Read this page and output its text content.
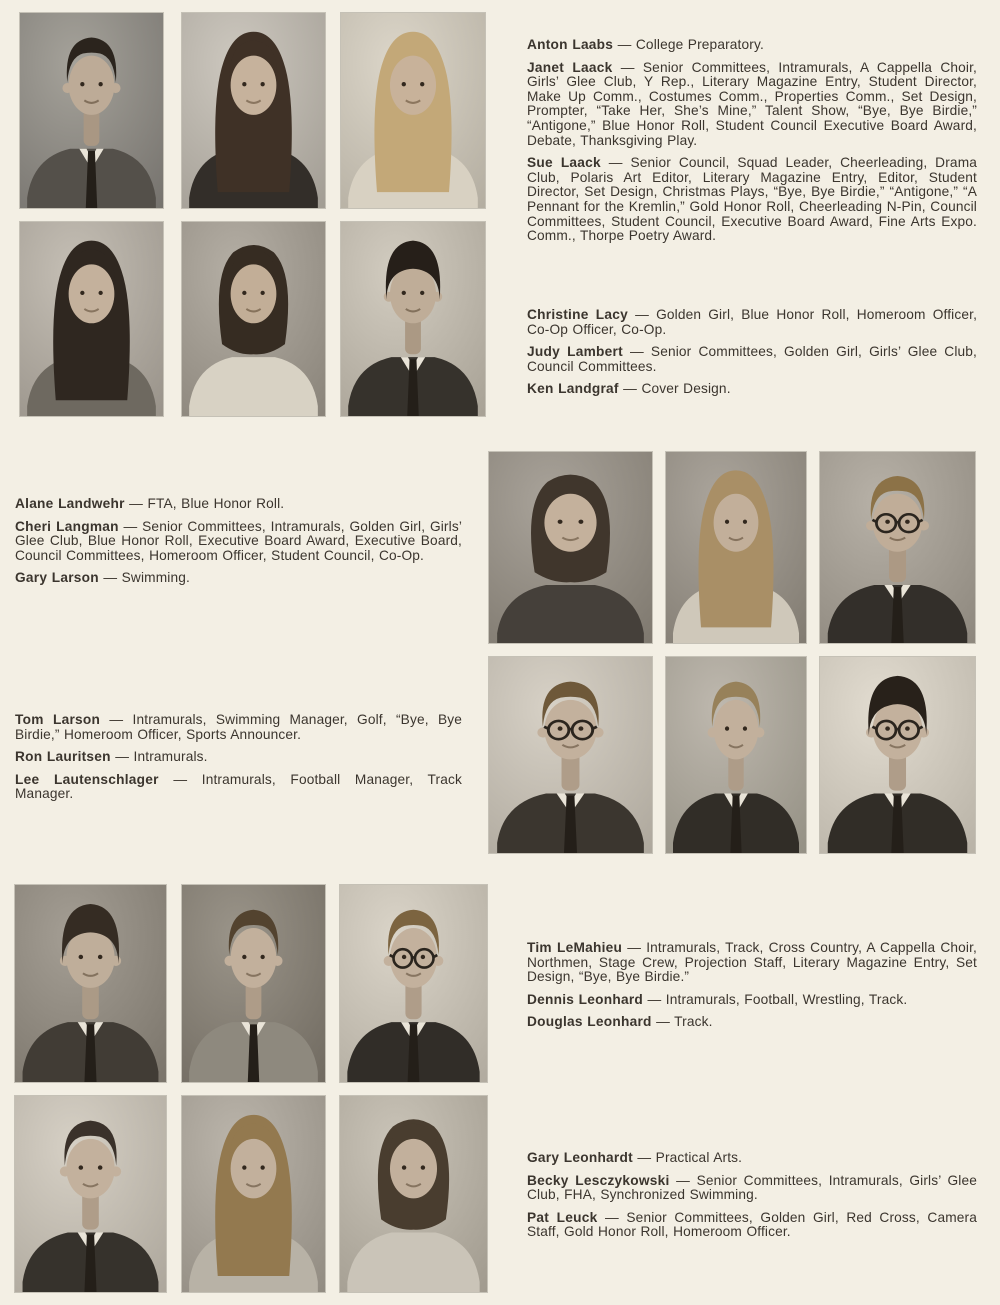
Anton Laabs — College Preparatory.

Janet Laack — Senior Committees, Intramurals, A Cappella Choir, Girls’ Glee Club, Y Rep., Literary Magazine Entry, Student Director, Make Up Comm., Costumes Comm., Properties Comm., Set Design, Prompter, “Take Her, She’s Mine,” Talent Show, “Bye, Bye Birdie,” “Antigone,” Blue Honor Roll, Student Council Executive Board Award, Debate, Thanksgiving Play.

Sue Laack — Senior Council, Squad Leader, Cheerleading, Drama Club, Polaris Art Editor, Literary Magazine Entry, Editor, Student Director, Set Design, Christmas Plays, “Bye, Bye Birdie,” “Antigone,” “A Pennant for the Kremlin,” Gold Honor Roll, Cheerleading N-Pin, Council Committees, Student Council, Executive Board Award, Fine Arts Expo. Comm., Thorpe Poetry Award.

Christine Lacy — Golden Girl, Blue Honor Roll, Homeroom Officer, Co-Op Officer, Co-Op.

Judy Lambert — Senior Committees, Golden Girl, Girls’ Glee Club, Council Committees.

Ken Landgraf — Cover Design.

Alane Landwehr — FTA, Blue Honor Roll.

Cheri Langman — Senior Committees, Intramurals, Golden Girl, Girls’ Glee Club, Blue Honor Roll, Executive Board Award, Executive Board, Council Committees, Homeroom Officer, Student Council, Co-Op.

Gary Larson — Swimming.

Tom Larson — Intramurals, Swimming Manager, Golf, “Bye, Bye Birdie,” Homeroom Officer, Sports Announcer.

Ron Lauritsen — Intramurals.

Lee Lautenschlager — Intramurals, Football Manager, Track Manager.

Tim LeMahieu — Intramurals, Track, Cross Country, A Cappella Choir, Northmen, Stage Crew, Projection Staff, Literary Magazine Entry, Set Design, “Bye, Bye Birdie.”

Dennis Leonhard — Intramurals, Football, Wrestling, Track.

Douglas Leonhard — Track.

Gary Leonhardt — Practical Arts.

Becky Lesczykowski — Senior Committees, Intramurals, Girls’ Glee Club, FHA, Synchronized Swimming.

Pat Leuck — Senior Committees, Golden Girl, Red Cross, Camera Staff, Gold Honor Roll, Homeroom Officer.
